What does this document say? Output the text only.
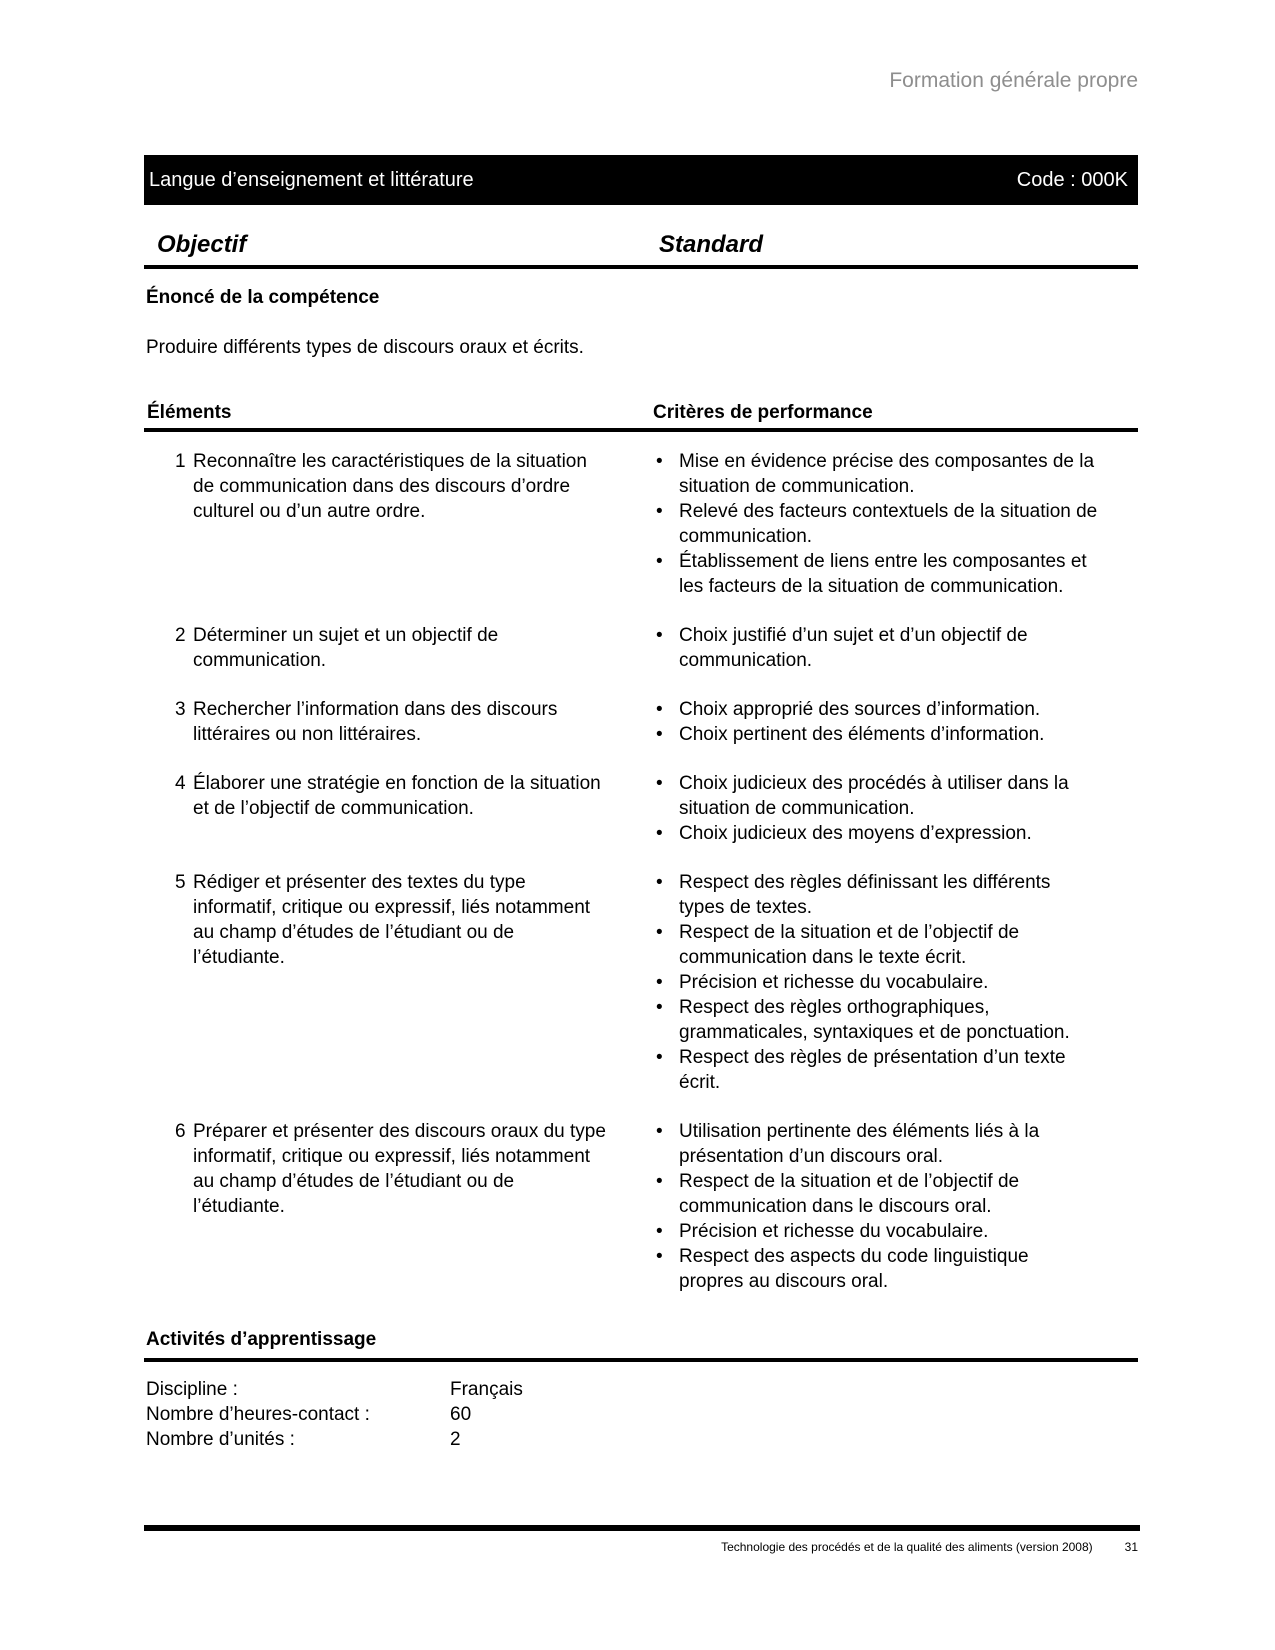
Formation générale propre
Langue d’enseignement et littérature	Code : 000K
Objectif	Standard
Énoncé de la compétence
Produire différents types de discours oraux et écrits.
Éléments	Critères de performance
1 Reconnaître les caractéristiques de la situation de communication dans des discours d’ordre culturel ou d’un autre ordre.
• Mise en évidence précise des composantes de la situation de communication.
• Relevé des facteurs contextuels de la situation de communication.
• Établissement de liens entre les composantes et les facteurs de la situation de communication.
2 Déterminer un sujet et un objectif de communication.
• Choix justifié d’un sujet et d’un objectif de communication.
3 Rechercher l’information dans des discours littéraires ou non littéraires.
• Choix approprié des sources d’information.
• Choix pertinent des éléments d’information.
4 Élaborer une stratégie en fonction de la situation et de l’objectif de communication.
• Choix judicieux des procédés à utiliser dans la situation de communication.
• Choix judicieux des moyens d’expression.
5 Rédiger et présenter des textes du type informatif, critique ou expressif, liés notamment au champ d’études de l’étudiant ou de l’étudiante.
• Respect des règles définissant les différents types de textes.
• Respect de la situation et de l’objectif de communication dans le texte écrit.
• Précision et richesse du vocabulaire.
• Respect des règles orthographiques, grammaticales, syntaxiques et de ponctuation.
• Respect des règles de présentation d’un texte écrit.
6 Préparer et présenter des discours oraux du type informatif, critique ou expressif, liés notamment au champ d’études de l’étudiant ou de l’étudiante.
• Utilisation pertinente des éléments liés à la présentation d’un discours oral.
• Respect de la situation et de l’objectif de communication dans le discours oral.
• Précision et richesse du vocabulaire.
• Respect des aspects du code linguistique propres au discours oral.
Activités d’apprentissage
Discipline :	Français
Nombre d’heures-contact :	60
Nombre d’unités :	2
Technologie des procédés et de la qualité des aliments (version 2008)	31
